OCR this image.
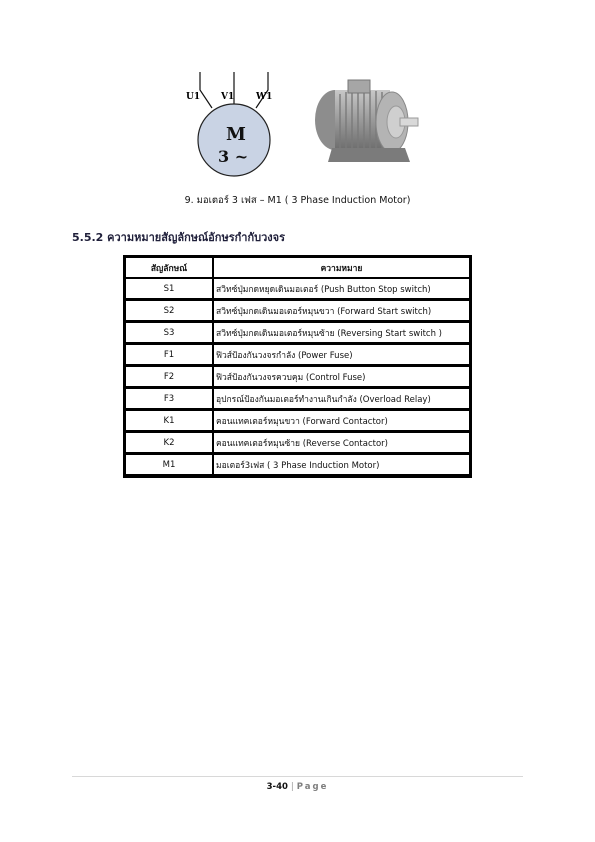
U1 V1 W1
M
3 ~
9. มอเตอร์ 3 เฟส – M1 ( 3 Phase Induction Motor)
5.5.2 ความหมายสัญลักษณ์อักษรกำกับวงจร
สัญลักษณ์	ความหมาย
S1	สวิทซ์ปุ่มกดหยุดเดินมอเตอร์ (Push Button Stop switch)
S2	สวิทซ์ปุ่มกดเดินมอเตอร์หมุนขวา (Forward Start switch)
S3	สวิทซ์ปุ่มกดเดินมอเตอร์หมุนซ้าย (Reversing Start switch )
F1	ฟิวส์ป้องกันวงจรกำลัง (Power Fuse)
F2	ฟิวส์ป้องกันวงจรควบคุม (Control Fuse)
F3	อุปกรณ์ป้องกันมอเตอร์ทำงานเกินกำลัง (Overload Relay)
K1	คอนแทคเตอร์หมุนขวา (Forward Contactor)
K2	คอนแทคเตอร์หมุนซ้าย (Reverse Contactor)
M1	มอเตอร์3เฟส ( 3 Phase Induction Motor)
3-40 | Page
